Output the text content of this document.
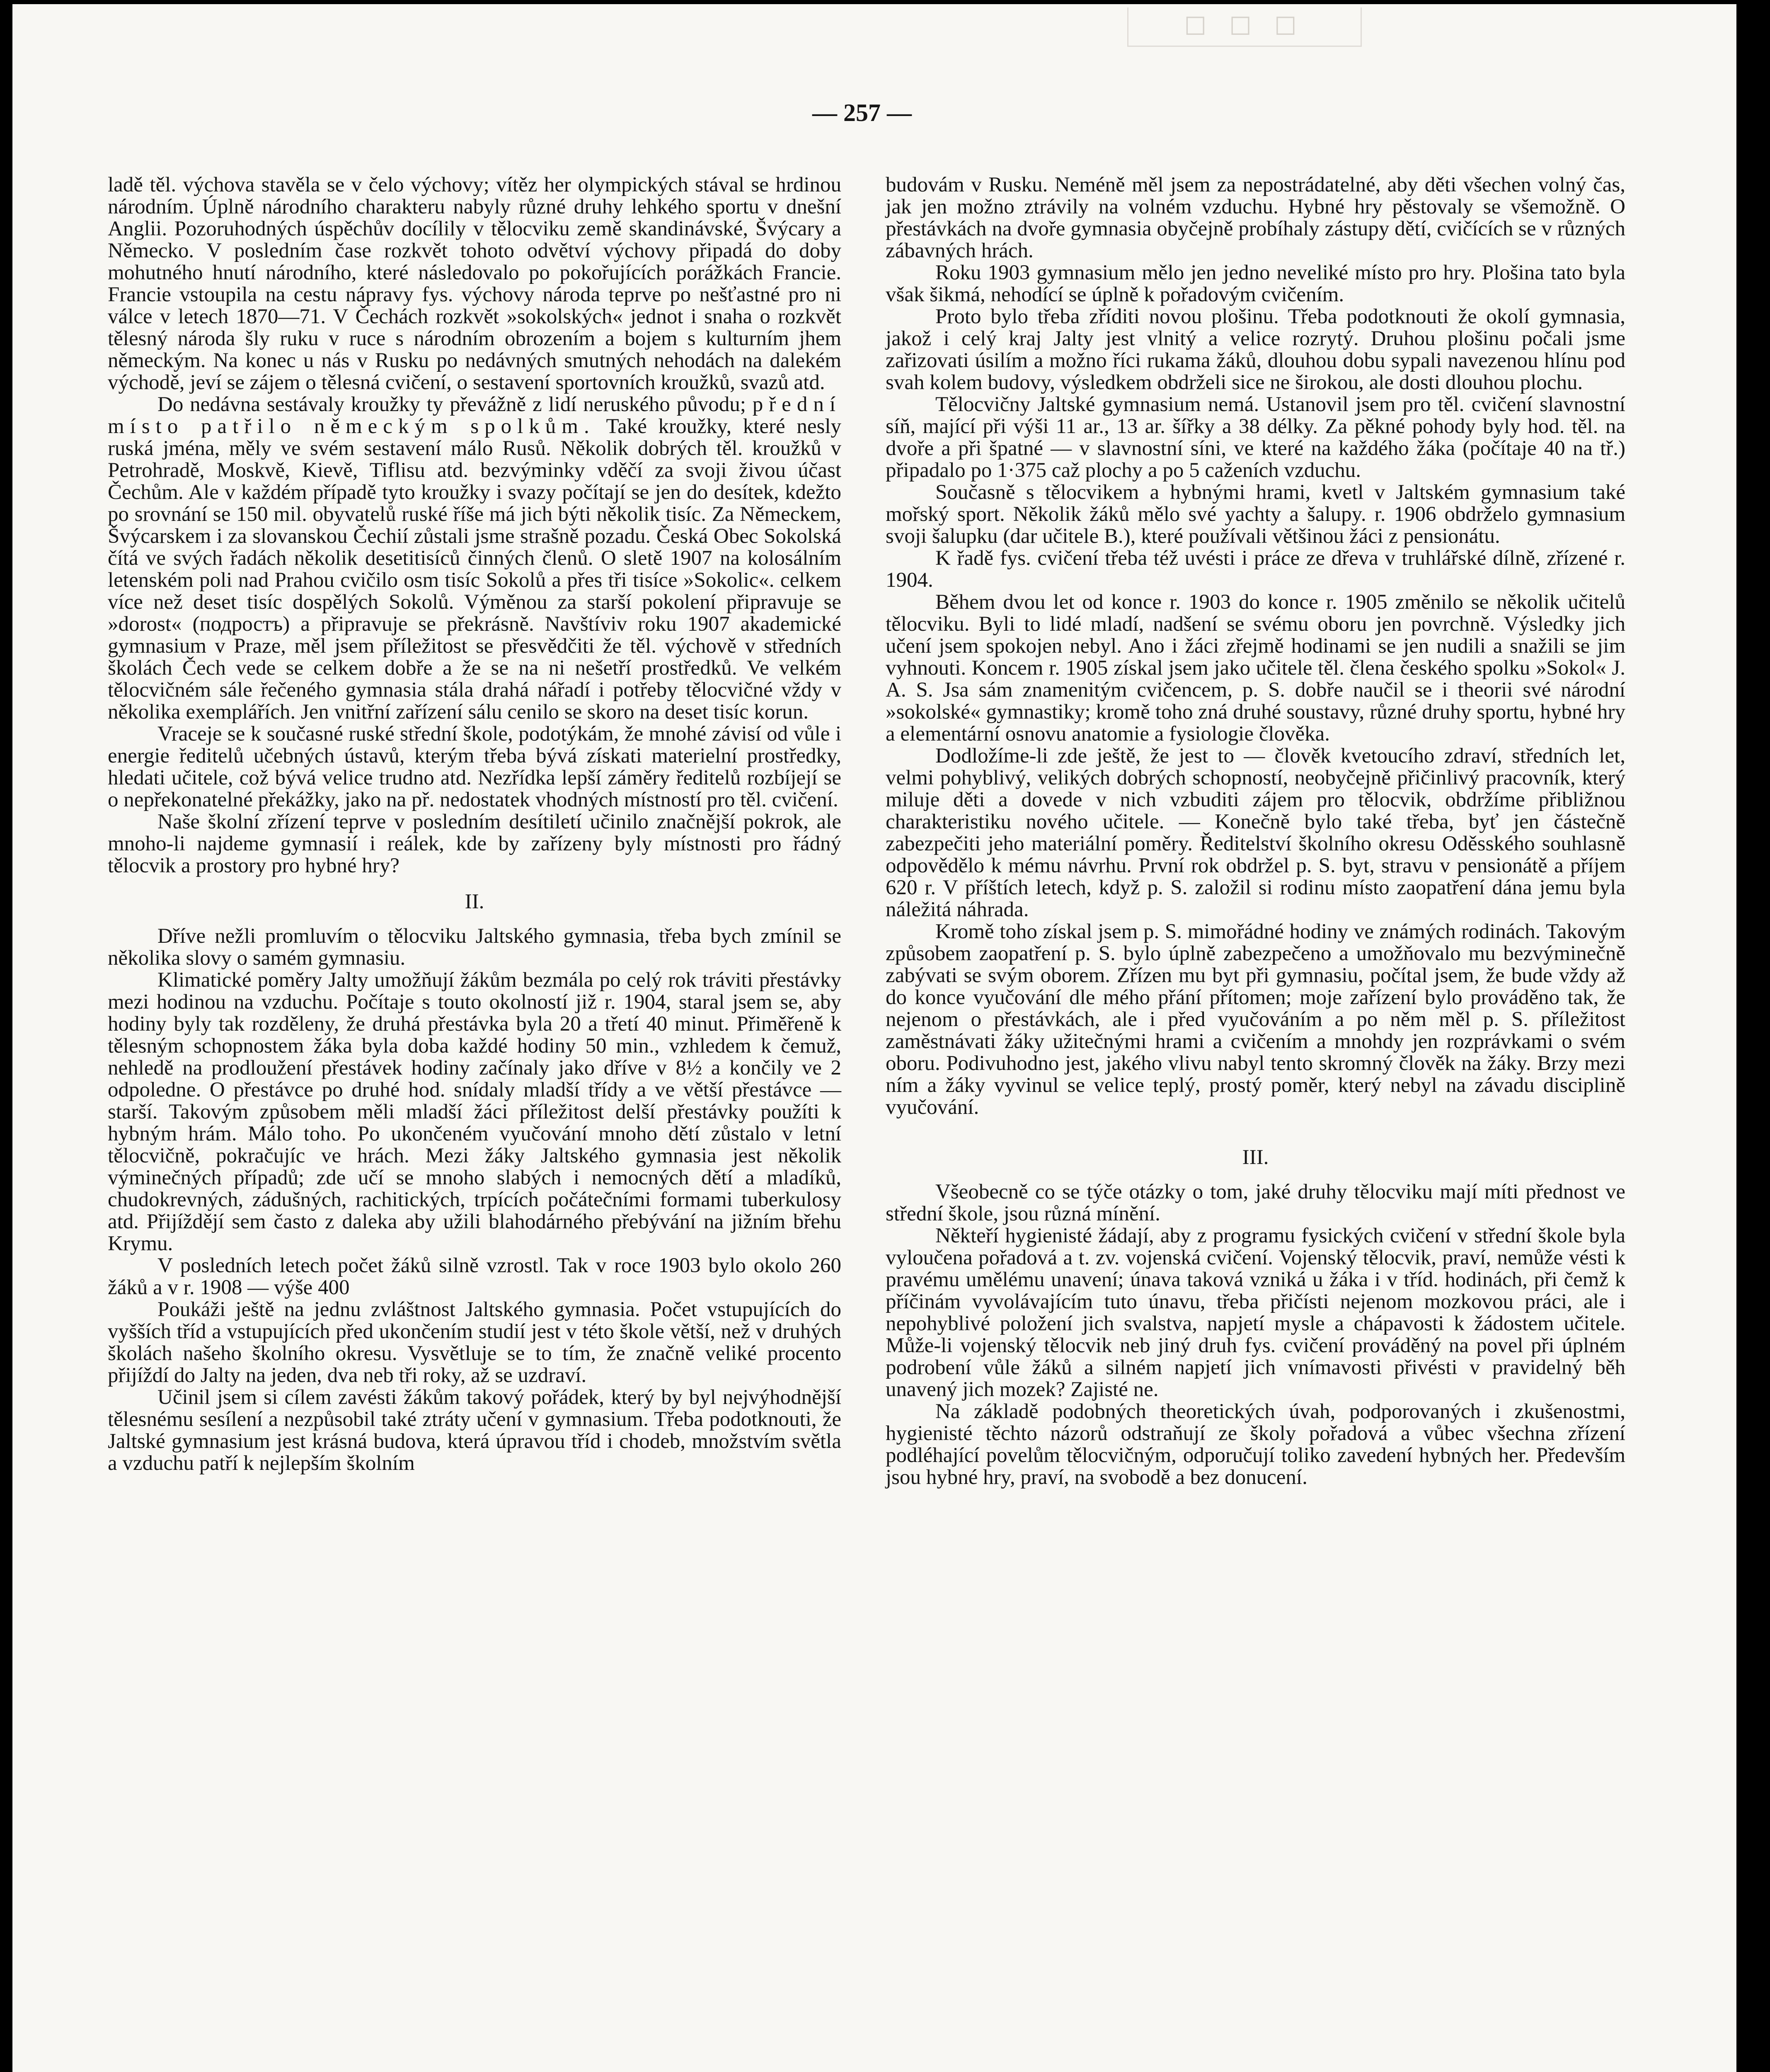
☐ ☐ ☐
— 257 —

ladě těl. výchova stavěla se v čelo výchovy; vítěz her olympických stával se hrdinou národním. Úplně národního charakteru nabyly různé druhy lehkého sportu v dnešní Anglii. Pozoruhodných úspěchův docílily v tělocviku země skandinávské, Švýcary a Německo. V posledním čase rozkvět tohoto odvětví výchovy připadá do doby mohutného hnutí národního, které následovalo po pokořujících porážkách Francie. Francie vstoupila na cestu nápravy fys. výchovy národa teprve po nešťastné pro ni válce v letech 1870—71. V Čechách rozkvět »sokolských« jednot i snaha o rozkvět tělesný národa šly ruku v ruce s národním obrozením a bojem s kulturním jhem německým. Na konec u nás v Rusku po nedávných smutných nehodách na dalekém východě, jeví se zájem o tělesná cvičení, o sestavení sportovních kroužků, svazů atd.

Do nedávna sestávaly kroužky ty převážně z lidí neruského původu; přední místo patřilo německým spolkům. Také kroužky, které nesly ruská jména, měly ve svém sestavení málo Rusů. Několik dobrých těl. kroužků v Petrohradě, Moskvě, Kievě, Tiflisu atd. bezvýminky vděčí za svoji živou účast Čechům. Ale v každém případě tyto kroužky i svazy počítají se jen do desítek, kdežto po srovnání se 150 mil. obyvatelů ruské říše má jich býti několik tisíc. Za Německem, Švýcarskem i za slovanskou Čechií zůstali jsme strašně pozadu. Česká Obec Sokolská čítá ve svých řadách několik desetitisíců činných členů. O sletě 1907 na kolosálním letenském poli nad Prahou cvičilo osm tisíc Sokolů a přes tři tisíce »Sokolic«. celkem více než deset tisíc dospělých Sokolů. Výměnou za starší pokolení připravuje se »dorost« (подростъ) a připravuje se překrásně. Navštíviv roku 1907 akademické gymnasium v Praze, měl jsem příležitost se přesvědčiti že těl. výchově v středních školách Čech vede se celkem dobře a že se na ni nešetří prostředků. Ve velkém tělocvičném sále řečeného gymnasia stála drahá nářadí i potřeby tělocvičné vždy v několika exemplářích. Jen vnitřní zařízení sálu cenilo se skoro na deset tisíc korun.

Vraceje se k současné ruské střední škole, podotýkám, že mnohé závisí od vůle i energie ředitelů učebných ústavů, kterým třeba bývá získati materielní prostředky, hledati učitele, což bývá velice trudno atd. Nezřídka lepší záměry ředitelů rozbíjejí se o nepřekonatelné překážky, jako na př. nedostatek vhodných místností pro těl. cvičení.

Naše školní zřízení teprve v posledním desítiletí učinilo značnější pokrok, ale mnoho-li najdeme gymnasií i reálek, kde by zařízeny byly místnosti pro řádný tělocvik a prostory pro hybné hry?

II.

Dříve nežli promluvím o tělocviku Jaltského gymnasia, třeba bych zmínil se několika slovy o samém gymnasiu.

Klimatické poměry Jalty umožňují žákům bezmála po celý rok tráviti přestávky mezi hodinou na vzduchu. Počítaje s touto okolností již r. 1904, staral jsem se, aby hodiny byly tak rozděleny, že druhá přestávka byla 20 a třetí 40 minut. Přiměřeně k tělesným schopnostem žáka byla doba každé hodiny 50 min., vzhledem k čemuž, nehledě na prodloužení přestávek hodiny začínaly jako dříve v 8½ a končily ve 2 odpoledne. O přestávce po druhé hod. snídaly mladší třídy a ve větší přestávce — starší. Takovým způsobem měli mladší žáci příležitost delší přestávky použíti k hybným hrám. Málo toho. Po ukončeném vyučování mnoho dětí zůstalo v letní tělocvičně, pokračujíc ve hrách. Mezi žáky Jaltského gymnasia jest několik výminečných případů; zde učí se mnoho slabých i nemocných dětí a mladíků, chudokrevných, zádušných, rachitických, trpících počátečními formami tuberkulosy atd. Přijíždějí sem často z daleka aby užili blahodárného přebývání na jižním břehu Krymu.

V posledních letech počet žáků silně vzrostl. Tak v roce 1903 bylo okolo 260 žáků a v r. 1908 — výše 400

Poukáži ještě na jednu zvláštnost Jaltského gymnasia. Počet vstupujících do vyšších tříd a vstupujících před ukončením studií jest v této škole větší, než v druhých školách našeho školního okresu. Vysvětluje se to tím, že značně veliké procento přijíždí do Jalty na jeden, dva neb tři roky, až se uzdraví.

Učinil jsem si cílem zavésti žákům takový pořádek, který by byl nejvýhodnější tělesnému sesílení a nezpůsobil také ztráty učení v gymnasium. Třeba podotknouti, že Jaltské gymnasium jest krásná budova, která úpravou tříd i chodeb, množstvím světla a vzduchu patří k nejlepším školním

budovám v Rusku. Neméně měl jsem za nepostrádatelné, aby děti všechen volný čas, jak jen možno ztrávily na volném vzduchu. Hybné hry pěstovaly se všemožně. O přestávkách na dvoře gymnasia obyčejně probíhaly zástupy dětí, cvičících se v různých zábavných hrách.

Roku 1903 gymnasium mělo jen jedno neveliké místo pro hry. Plošina tato byla však šikmá, nehodící se úplně k pořadovým cvičením.

Proto bylo třeba zříditi novou plošinu. Třeba podotknouti že okolí gymnasia, jakož i celý kraj Jalty jest vlnitý a velice rozrytý. Druhou plošinu počali jsme zařizovati úsilím a možno říci rukama žáků, dlouhou dobu sypali navezenou hlínu pod svah kolem budovy, výsledkem obdrželi sice ne širokou, ale dosti dlouhou plochu.

Tělocvičny Jaltské gymnasium nemá. Ustanovil jsem pro těl. cvičení slavnostní síň, mající při výši 11 ar., 13 ar. šířky a 38 délky. Za pěkné pohody byly hod. těl. na dvoře a při špatné — v slavnostní síni, ve které na každého žáka (počítaje 40 na tř.) připadalo po 1·375 caž plochy a po 5 caženích vzduchu.

Současně s tělocvikem a hybnými hrami, kvetl v Jaltském gymnasium také mořský sport. Několik žáků mělo své yachty a šalupy. r. 1906 obdrželo gymnasium svoji šalupku (dar učitele B.), které používali většinou žáci z pensionátu.

K řadě fys. cvičení třeba též uvésti i práce ze dřeva v truhlářské dílně, zřízené r. 1904.

Během dvou let od konce r. 1903 do konce r. 1905 změnilo se několik učitelů tělocviku. Byli to lidé mladí, nadšení se svému oboru jen povrchně. Výsledky jich učení jsem spokojen nebyl. Ano i žáci zřejmě hodinami se jen nudili a snažili se jim vyhnouti. Koncem r. 1905 získal jsem jako učitele těl. člena českého spolku »Sokol« J. A. S. Jsa sám znamenitým cvičencem, p. S. dobře naučil se i theorii své národní »sokolské« gymnastiky; kromě toho zná druhé soustavy, různé druhy sportu, hybné hry a elementární osnovu anatomie a fysiologie člověka.

Dodložíme-li zde ještě, že jest to — člověk kvetoucího zdraví, středních let, velmi pohyblivý, velikých dobrých schopností, neobyčejně přičinlivý pracovník, který miluje děti a dovede v nich vzbuditi zájem pro tělocvik, obdržíme přibližnou charakteristiku nového učitele. — Konečně bylo také třeba, byť jen částečně zabezpečiti jeho materiální poměry. Ředitelství školního okresu Oděsského souhlasně odpovědělo k mému návrhu. První rok obdržel p. S. byt, stravu v pensionátě a příjem 620 r. V příštích letech, když p. S. založil si rodinu místo zaopatření dána jemu byla náležitá náhrada.

Kromě toho získal jsem p. S. mimořádné hodiny ve známých rodinách. Takovým způsobem zaopatření p. S. bylo úplně zabezpečeno a umožňovalo mu bezvýminečně zabývati se svým oborem. Zřízen mu byt při gymnasiu, počítal jsem, že bude vždy až do konce vyučování dle mého přání přítomen; moje zařízení bylo prováděno tak, že nejenom o přestávkách, ale i před vyučováním a po něm měl p. S. příležitost zaměstnávati žáky užitečnými hrami a cvičením a mnohdy jen rozprávkami o svém oboru. Podivuhodno jest, jakého vlivu nabyl tento skromný člověk na žáky. Brzy mezi ním a žáky vyvinul se velice teplý, prostý poměr, který nebyl na závadu disciplině vyučování.

III.

Všeobecně co se týče otázky o tom, jaké druhy tělocviku mají míti přednost ve střední škole, jsou různá mínění.

Někteří hygienisté žádají, aby z programu fysických cvičení v střední škole byla vyloučena pořadová a t. zv. vojenská cvičení. Vojenský tělocvik, praví, nemůže vésti k pravému umělému unavení; únava taková vzniká u žáka i v tříd. hodinách, při čemž k příčinám vyvolávajícím tuto únavu, třeba přičísti nejenom mozkovou práci, ale i nepohyblivé položení jich svalstva, napjetí mysle a chápavosti k žádostem učitele. Může-li vojenský tělocvik neb jiný druh fys. cvičení prováděný na povel při úplném podrobení vůle žáků a silném napjetí jich vnímavosti přivésti v pravidelný běh unavený jich mozek? Zajisté ne.

Na základě podobných theoretických úvah, podporovaných i zkušenostmi, hygienisté těchto názorů odstraňují ze školy pořadová a vůbec všechna zřízení podléhající povelům tělocvičným, odporučují toliko zavedení hybných her. Především jsou hybné hry, praví, na svobodě a bez donucení.
